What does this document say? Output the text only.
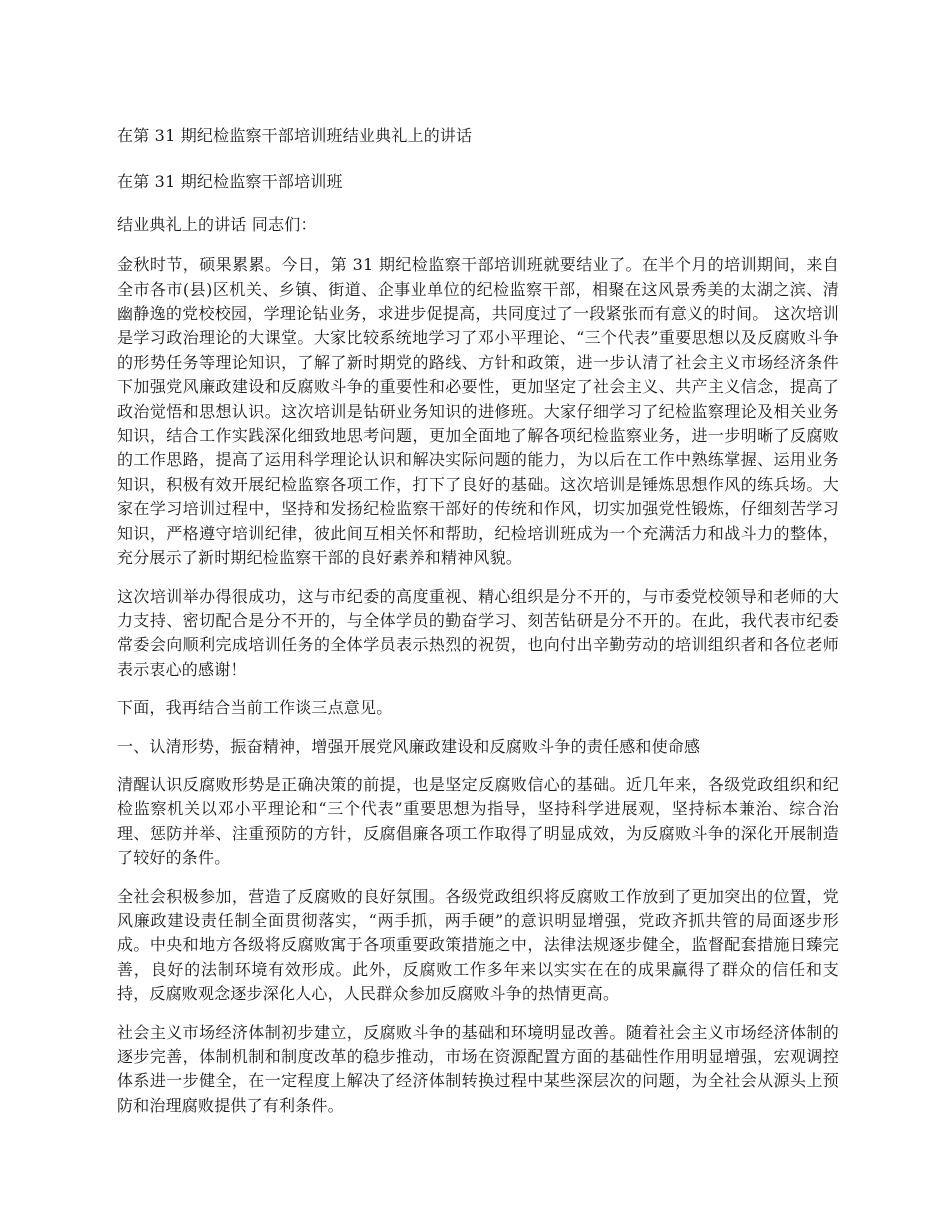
在第 31 期纪检监察干部培训班结业典礼上的讲话

在第 31 期纪检监察干部培训班

结业典礼上的讲话 同志们：

金秋时节，硕果累累。今日，第 31 期纪检监察干部培训班就要结业了。在半个月的培训期间，来自全市各市(县)区机关、乡镇、街道、企事业单位的纪检监察干部，相聚在这风景秀美的太湖之滨、清幽静逸的党校校园，学理论钻业务，求进步促提高，共同度过了一段紧张而有意义的时间。 这次培训是学习政治理论的大课堂。大家比较系统地学习了邓小平理论、“三个代表”重要思想以及反腐败斗争的形势任务等理论知识，了解了新时期党的路线、方针和政策，进一步认清了社会主义市场经济条件下加强党风廉政建设和反腐败斗争的重要性和必要性，更加坚定了社会主义、共产主义信念，提高了政治觉悟和思想认识。这次培训是钻研业务知识的进修班。大家仔细学习了纪检监察理论及相关业务知识，结合工作实践深化细致地思考问题，更加全面地了解各项纪检监察业务，进一步明晰了反腐败的工作思路，提高了运用科学理论认识和解决实际问题的能力，为以后在工作中熟练掌握、运用业务知识，积极有效开展纪检监察各项工作，打下了良好的基础。这次培训是锤炼思想作风的练兵场。大家在学习培训过程中，坚持和发扬纪检监察干部好的传统和作风，切实加强党性锻炼，仔细刻苦学习知识，严格遵守培训纪律，彼此间互相关怀和帮助，纪检培训班成为一个充满活力和战斗力的整体，充分展示了新时期纪检监察干部的良好素养和精神风貌。

这次培训举办得很成功，这与市纪委的高度重视、精心组织是分不开的，与市委党校领导和老师的大力支持、密切配合是分不开的，与全体学员的勤奋学习、刻苦钻研是分不开的。在此，我代表市纪委常委会向顺利完成培训任务的全体学员表示热烈的祝贺，也向付出辛勤劳动的培训组织者和各位老师表示衷心的感谢！

下面，我再结合当前工作谈三点意见。

一、认清形势，振奋精神，增强开展党风廉政建设和反腐败斗争的责任感和使命感

清醒认识反腐败形势是正确决策的前提，也是坚定反腐败信心的基础。近几年来，各级党政组织和纪检监察机关以邓小平理论和“三个代表”重要思想为指导，坚持科学进展观，坚持标本兼治、综合治理、惩防并举、注重预防的方针，反腐倡廉各项工作取得了明显成效，为反腐败斗争的深化开展制造了较好的条件。

全社会积极参加，营造了反腐败的良好氛围。各级党政组织将反腐败工作放到了更加突出的位置，党风廉政建设责任制全面贯彻落实，“两手抓，两手硬”的意识明显增强，党政齐抓共管的局面逐步形成。中央和地方各级将反腐败寓于各项重要政策措施之中，法律法规逐步健全，监督配套措施日臻完善，良好的法制环境有效形成。此外，反腐败工作多年来以实实在在的成果赢得了群众的信任和支持，反腐败观念逐步深化人心，人民群众参加反腐败斗争的热情更高。

社会主义市场经济体制初步建立，反腐败斗争的基础和环境明显改善。随着社会主义市场经济体制的逐步完善，体制机制和制度改革的稳步推动，市场在资源配置方面的基础性作用明显增强，宏观调控体系进一步健全，在一定程度上解决了经济体制转换过程中某些深层次的问题，为全社会从源头上预防和治理腐败提供了有利条件。
